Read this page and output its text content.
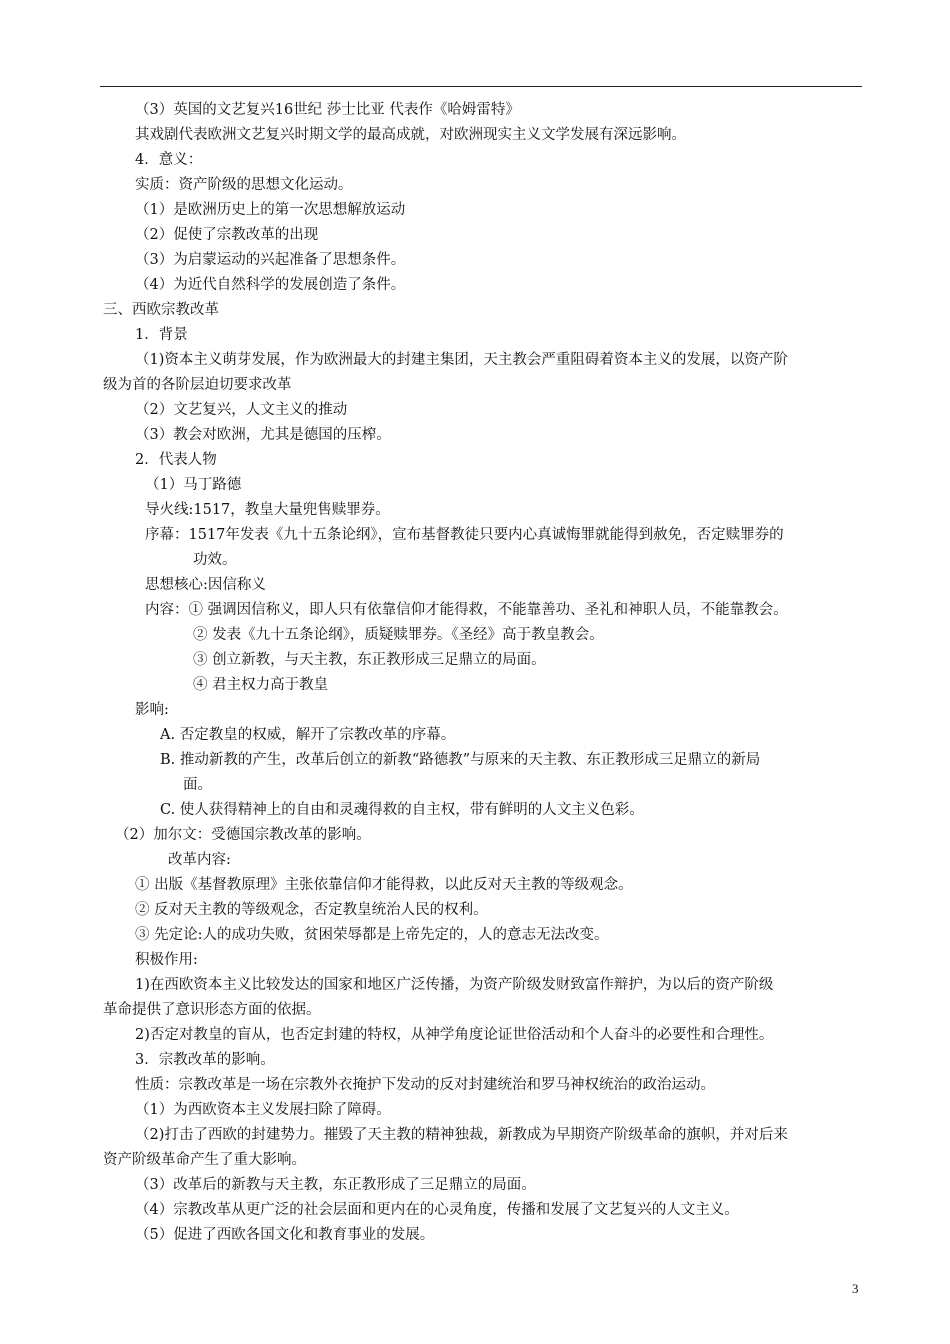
（3）英国的文艺复兴16世纪 莎士比亚 代表作《哈姆雷特》
其戏剧代表欧洲文艺复兴时期文学的最高成就，对欧洲现实主义文学发展有深远影响。
4．意义：
实质：资产阶级的思想文化运动。
（1）是欧洲历史上的第一次思想解放运动
（2）促使了宗教改革的出现
（3）为启蒙运动的兴起准备了思想条件。
（4）为近代自然科学的发展创造了条件。
三、西欧宗教改革
1．背景
（1)资本主义萌芽发展，作为欧洲最大的封建主集团，天主教会严重阻碍着资本主义的发展，以资产阶
级为首的各阶层迫切要求改革
（2）文艺复兴，人文主义的推动
（3）教会对欧洲，尤其是德国的压榨。
2．代表人物
（1）马丁路德
导火线:1517，教皇大量兜售赎罪券。
序幕：1517年发表《九十五条论纲》，宣布基督教徒只要内心真诚悔罪就能得到赦免，否定赎罪券的
功效。
思想核心:因信称义
内容：① 强调因信称义，即人只有依靠信仰才能得救，不能靠善功、圣礼和神职人员，不能靠教会。
② 发表《九十五条论纲》，质疑赎罪券。《圣经》高于教皇教会。
③ 创立新教，与天主教，东正教形成三足鼎立的局面。
④ 君主权力高于教皇
影响:
A. 否定教皇的权威，解开了宗教改革的序幕。
B. 推动新教的产生，改革后创立的新教“路德教”与原来的天主教、东正教形成三足鼎立的新局
面。
C. 使人获得精神上的自由和灵魂得救的自主权，带有鲜明的人文主义色彩。
（2）加尔文：受德国宗教改革的影响。
改革内容:
① 出版《基督教原理》主张依靠信仰才能得救，以此反对天主教的等级观念。
② 反对天主教的等级观念，否定教皇统治人民的权利。
③ 先定论:人的成功失败，贫困荣辱都是上帝先定的，人的意志无法改变。
积极作用:
1)在西欧资本主义比较发达的国家和地区广泛传播，为资产阶级发财致富作辩护，为以后的资产阶级
革命提供了意识形态方面的依据。
2)否定对教皇的盲从，也否定封建的特权，从神学角度论证世俗活动和个人奋斗的必要性和合理性。
3．宗教改革的影响。
性质：宗教改革是一场在宗教外衣掩护下发动的反对封建统治和罗马神权统治的政治运动。
（1）为西欧资本主义发展扫除了障碍。
（2)打击了西欧的封建势力。摧毁了天主教的精神独裁，新教成为早期资产阶级革命的旗帜，并对后来
资产阶级革命产生了重大影响。
（3）改革后的新教与天主教，东正教形成了三足鼎立的局面。
（4）宗教改革从更广泛的社会层面和更内在的心灵角度，传播和发展了文艺复兴的人文主义。
（5）促进了西欧各国文化和教育事业的发展。
3
